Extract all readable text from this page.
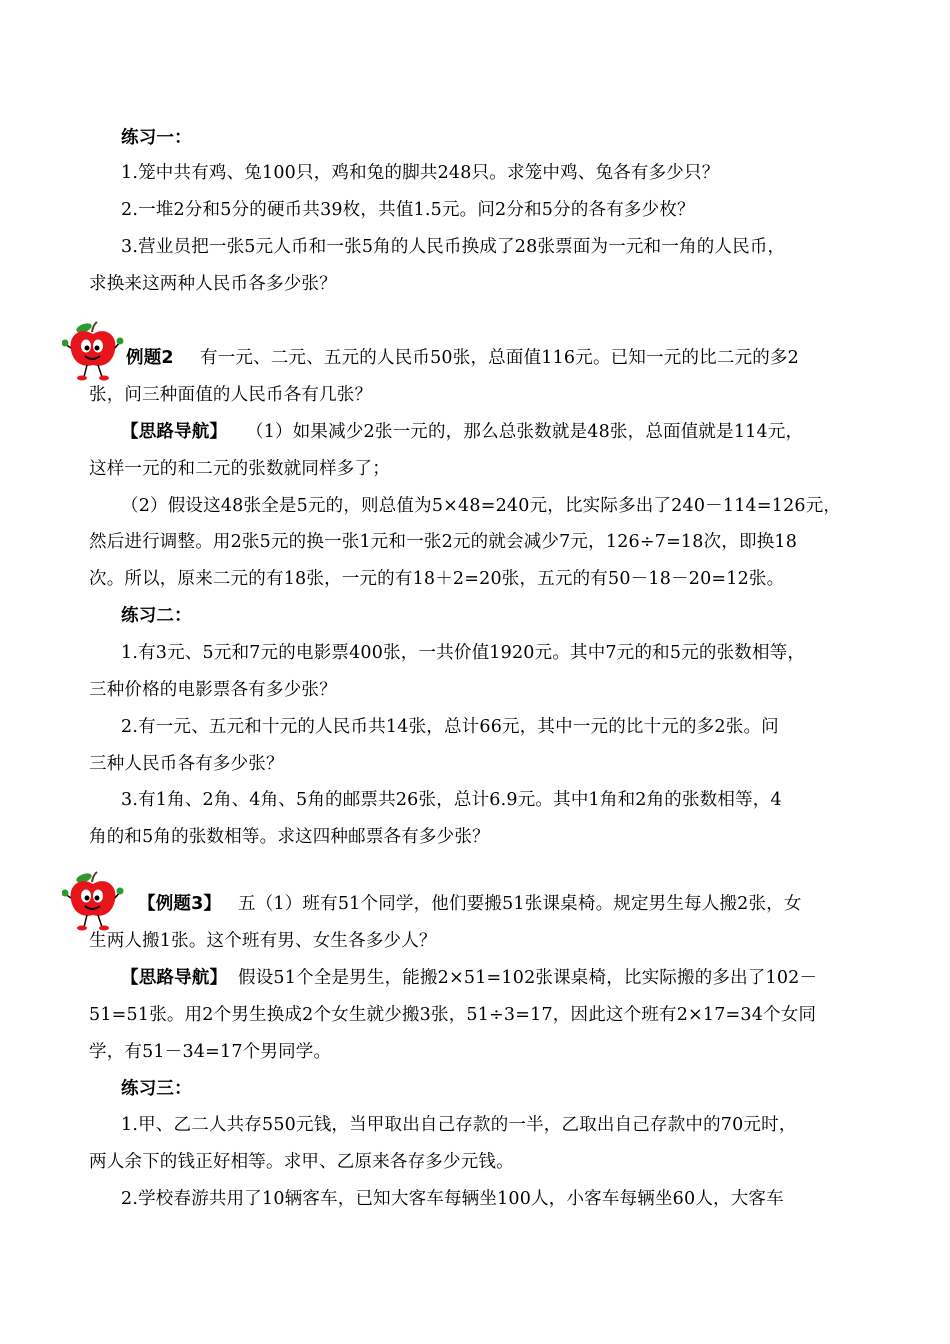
练习一：
1.笼中共有鸡、兔100只，鸡和兔的脚共248只。求笼中鸡、兔各有多少只？
2.一堆2分和5分的硬币共39枚，共值1.5元。问2分和5分的各有多少枚？
3.营业员把一张5元人币和一张5角的人民币换成了28张票面为一元和一角的人民币，
求换来这两种人民币各多少张？
例题2 有一元、二元、五元的人民币50张，总面值116元。已知一元的比二元的多2
张，问三种面值的人民币各有几张？
【思路导航】 （1）如果减少2张一元的，那么总张数就是48张，总面值就是114元，
这样一元的和二元的张数就同样多了；
（2）假设这48张全是5元的，则总值为5×48=240元，比实际多出了240－114=126元，
然后进行调整。用2张5元的换一张1元和一张2元的就会减少7元，126÷7=18次，即换18
次。所以，原来二元的有18张，一元的有18＋2=20张，五元的有50－18－20=12张。
练习二：
1.有3元、5元和7元的电影票400张，一共价值1920元。其中7元的和5元的张数相等，
三种价格的电影票各有多少张？
2.有一元、五元和十元的人民币共14张，总计66元，其中一元的比十元的多2张。问
三种人民币各有多少张？
3.有1角、2角、4角、5角的邮票共26张，总计6.9元。其中1角和2角的张数相等，4
角的和5角的张数相等。求这四种邮票各有多少张？
【例题3】 五（1）班有51个同学，他们要搬51张课桌椅。规定男生每人搬2张，女
生两人搬1张。这个班有男、女生各多少人？
【思路导航】 假设51个全是男生，能搬2×51=102张课桌椅，比实际搬的多出了102－
51=51张。用2个男生换成2个女生就少搬3张，51÷3=17，因此这个班有2×17=34个女同
学，有51－34=17个男同学。
练习三：
1.甲、乙二人共存550元钱，当甲取出自己存款的一半，乙取出自己存款中的70元时，
两人余下的钱正好相等。求甲、乙原来各存多少元钱。
2.学校春游共用了10辆客车，已知大客车每辆坐100人，小客车每辆坐60人，大客车
